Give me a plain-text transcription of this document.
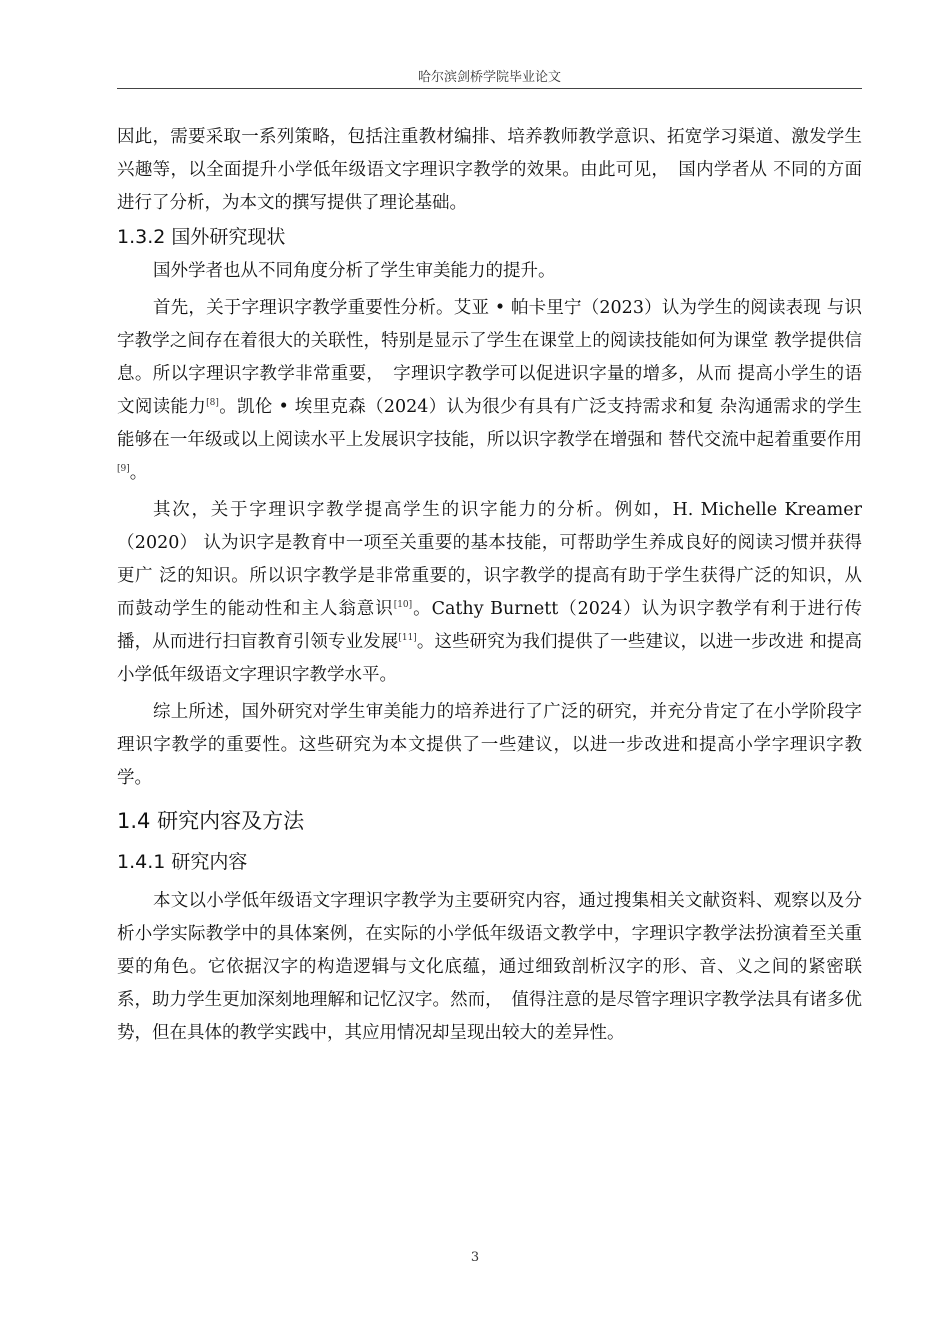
哈尔滨剑桥学院毕业论文

因此，需要采取一系列策略，包括注重教材编排、培养教师教学意识、拓宽学习渠道、激发学生兴趣等，以全面提升小学低年级语文字理识字教学的效果。由此可见，　国内学者从 不同的方面进行了分析，为本文的撰写提供了理论基础。

1.3.2 国外研究现状

国外学者也从不同角度分析了学生审美能力的提升。

首先，关于字理识字教学重要性分析。艾亚 • 帕卡里宁（2023）认为学生的阅读表现 与识字教学之间存在着很大的关联性，特别是显示了学生在课堂上的阅读技能如何为课堂 教学提供信息。所以字理识字教学非常重要，　字理识字教学可以促进识字量的增多，从而 提高小学生的语文阅读能力[8]。凯伦 • 埃里克森（2024）认为很少有具有广泛支持需求和复 杂沟通需求的学生能够在一年级或以上阅读水平上发展识字技能，所以识字教学在增强和 替代交流中起着重要作用[9]。

其次，关于字理识字教学提高学生的识字能力的分析。例如，H. Michelle Kreamer（2020） 认为识字是教育中一项至关重要的基本技能，可帮助学生养成良好的阅读习惯并获得更广 泛的知识。所以识字教学是非常重要的，识字教学的提高有助于学生获得广泛的知识，从 而鼓动学生的能动性和主人翁意识[10]。Cathy Burnett（2024）认为识字教学有利于进行传 播，从而进行扫盲教育引领专业发展[11]。这些研究为我们提供了一些建议，以进一步改进 和提高小学低年级语文字理识字教学水平。

综上所述，国外研究对学生审美能力的培养进行了广泛的研究，并充分肯定了在小学阶段字理识字教学的重要性。这些研究为本文提供了一些建议，以进一步改进和提高小学字理识字教学。

1.4 研究内容及方法
1.4.1 研究内容

本文以小学低年级语文字理识字教学为主要研究内容，通过搜集相关文献资料、观察以及分析小学实际教学中的具体案例，在实际的小学低年级语文教学中，字理识字教学法扮演着至关重要的角色。它依据汉字的构造逻辑与文化底蕴，通过细致剖析汉字的形、音、义之间的紧密联系，助力学生更加深刻地理解和记忆汉字。然而，　值得注意的是尽管字理识字教学法具有诸多优势，但在具体的教学实践中，其应用情况却呈现出较大的差异性。

3
